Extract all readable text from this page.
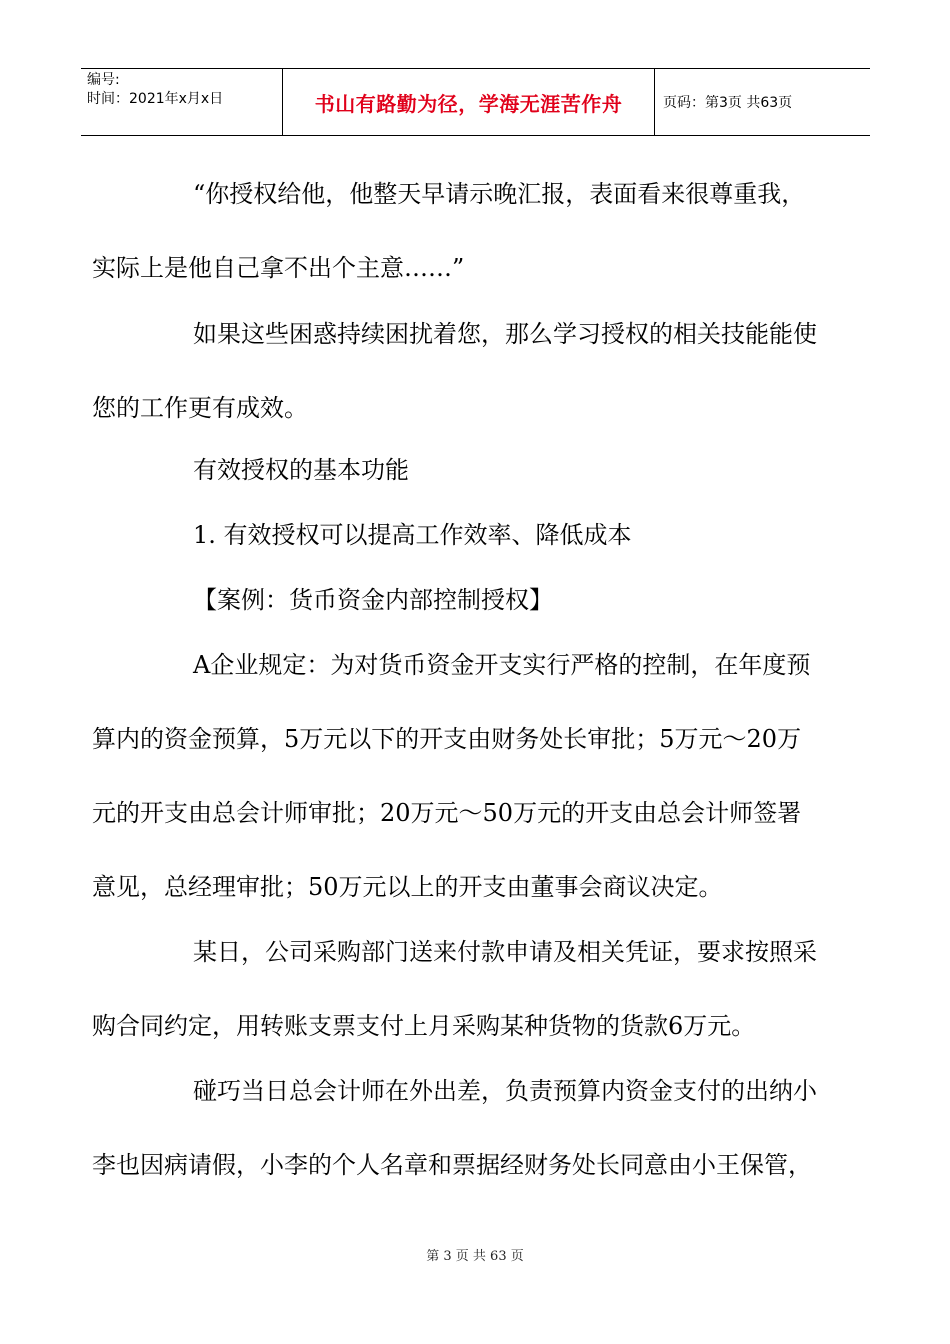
编号:
时间：2021年x月x日	书山有路勤为径，学海无涯苦作舟	页码：第3页 共63页
“你授权给他，他整天早请示晚汇报，表面看来很尊重我，
实际上是他自己拿不出个主意……”
如果这些困惑持续困扰着您，那么学习授权的相关技能能使
您的工作更有成效。
有效授权的基本功能
1. 有效授权可以提高工作效率、降低成本
【案例：货币资金内部控制授权】
A企业规定：为对货币资金开支实行严格的控制，在年度预
算内的资金预算，5万元以下的开支由财务处长审批；5万元～20万
元的开支由总会计师审批；20万元～50万元的开支由总会计师签署
意见，总经理审批；50万元以上的开支由董事会商议决定。
某日，公司采购部门送来付款申请及相关凭证，要求按照采
购合同约定，用转账支票支付上月采购某种货物的货款6万元。
碰巧当日总会计师在外出差，负责预算内资金支付的出纳小
李也因病请假，小李的个人名章和票据经财务处长同意由小王保管，
第 3 页 共 63 页
